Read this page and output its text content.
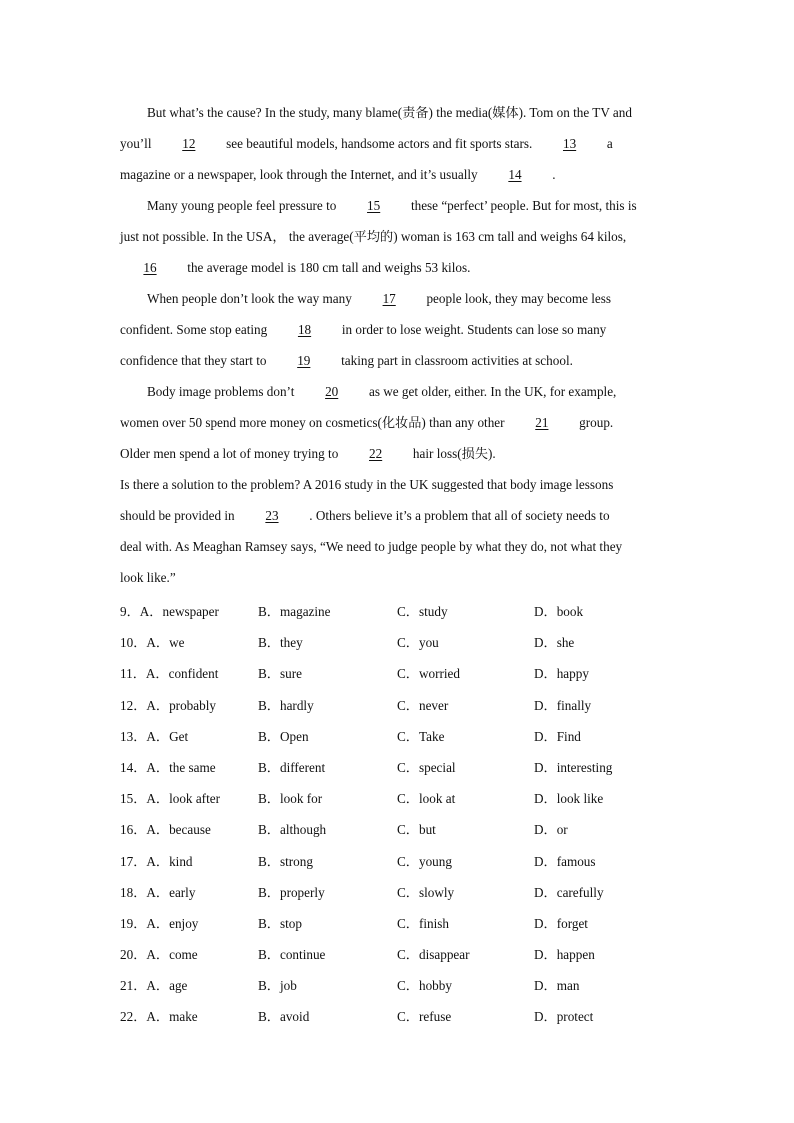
But what’s the cause? In the study, many blame(责备) the media(媒体). Tom on the TV and
you’ll 12 see beautiful models, handsome actors and fit sports stars. 13 a
magazine or a newspaper, look through the Internet, and it’s usually 14 .
Many young people feel pressure to 15 these “perfect’ people. But for most, this is
just not possible. In the USA， the average(平均的) woman is 163 cm tall and weighs 64 kilos,
16 the average model is 180 cm tall and weighs 53 kilos.
When people don’t look the way many 17 people look, they may become less
confident. Some stop eating 18 in order to lose weight. Students can lose so many
confidence that they start to 19 taking part in classroom activities at school.
Body image problems don’t 20 as we get older, either. In the UK, for example,
women over 50 spend more money on cosmetics(化妆品) than any other 21 group.
Older men spend a lot of money trying to 22 hair loss(损失).
Is there a solution to the problem? A 2016 study in the UK suggested that body image lessons
should be provided in 23 . Others believe it’s a problem that all of society needs to
deal with. As Meaghan Ramsey says, “We need to judge people by what they do, not what they
look like.”
9．A．newspaper	B．magazine	C．study	D．book
10．A．we	B．they	C．you	D．she
11．A．confident	B．sure	C．worried	D．happy
12．A．probably	B．hardly	C．never	D．finally
13．A．Get	B．Open	C．Take	D．Find
14．A．the same	B．different	C．special	D．interesting
15．A．look after	B．look for	C．look at	D．look like
16．A．because	B．although	C．but	D．or
17．A．kind	B．strong	C．young	D．famous
18．A．early	B．properly	C．slowly	D．carefully
19．A．enjoy	B．stop	C．finish	D．forget
20．A．come	B．continue	C．disappear	D．happen
21．A．age	B．job	C．hobby	D．man
22．A．make	B．avoid	C．refuse	D．protect
